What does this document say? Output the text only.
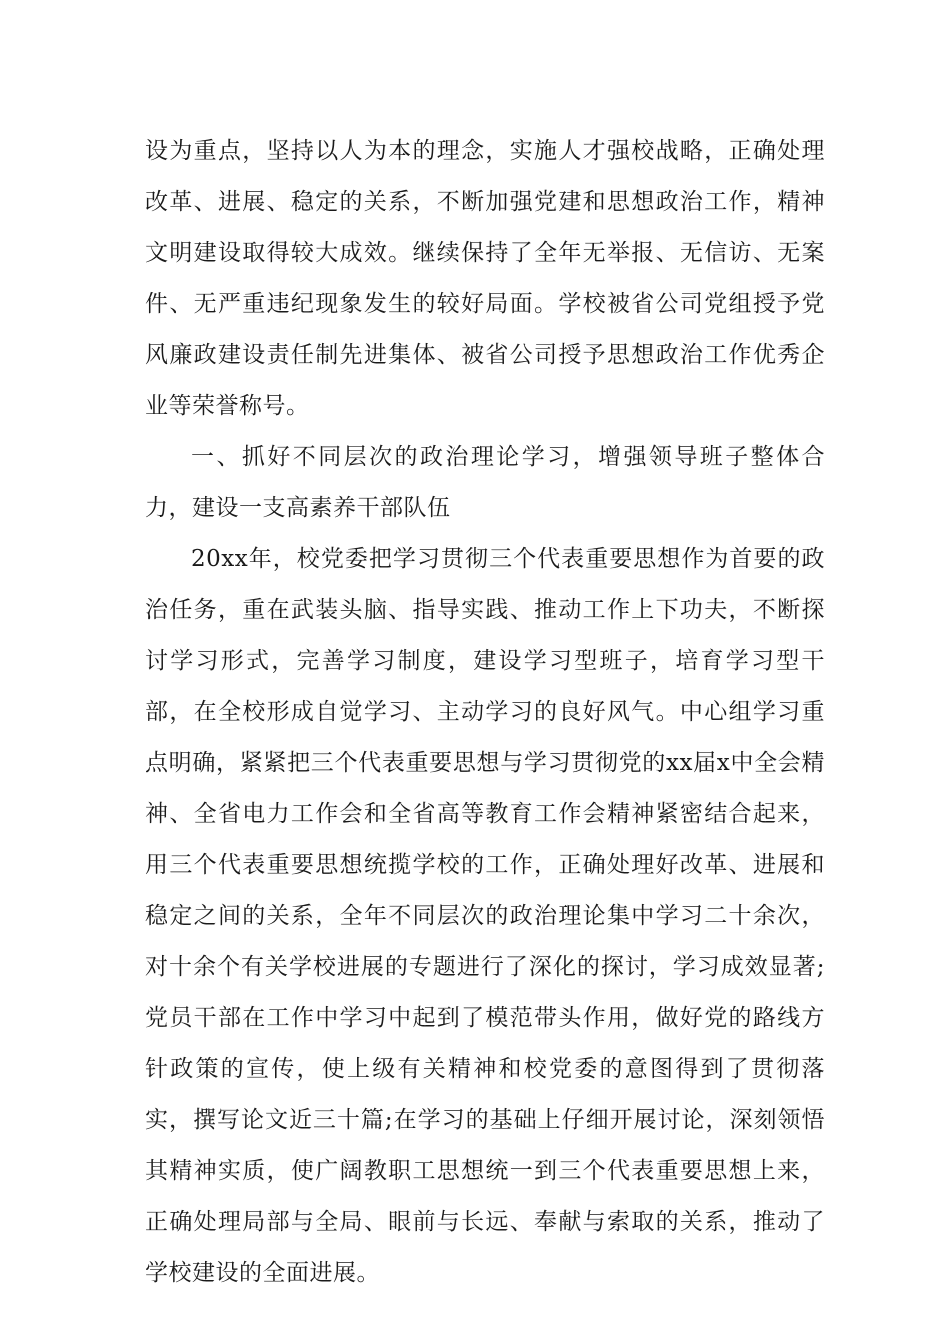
设为重点，坚持以人为本的理念，实施人才强校战略，正确处理改革、进展、稳定的关系，不断加强党建和思想政治工作，精神文明建设取得较大成效。继续保持了全年无举报、无信访、无案件、无严重违纪现象发生的较好局面。学校被省公司党组授予党风廉政建设责任制先进集体、被省公司授予思想政治工作优秀企业等荣誉称号。

一、抓好不同层次的政治理论学习，增强领导班子整体合力，建设一支高素养干部队伍

20xx年，校党委把学习贯彻三个代表重要思想作为首要的政治任务，重在武装头脑、指导实践、推动工作上下功夫，不断探讨学习形式，完善学习制度，建设学习型班子，培育学习型干部，在全校形成自觉学习、主动学习的良好风气。中心组学习重点明确，紧紧把三个代表重要思想与学习贯彻党的xx届x中全会精神、全省电力工作会和全省高等教育工作会精神紧密结合起来，用三个代表重要思想统揽学校的工作，正确处理好改革、进展和稳定之间的关系，全年不同层次的政治理论集中学习二十余次，对十余个有关学校进展的专题进行了深化的探讨，学习成效显著;党员干部在工作中学习中起到了模范带头作用，做好党的路线方针政策的宣传，使上级有关精神和校党委的意图得到了贯彻落实，撰写论文近三十篇;在学习的基础上仔细开展讨论，深刻领悟其精神实质，使广阔教职工思想统一到三个代表重要思想上来，正确处理局部与全局、眼前与长远、奉献与索取的关系，推动了学校建设的全面进展。
